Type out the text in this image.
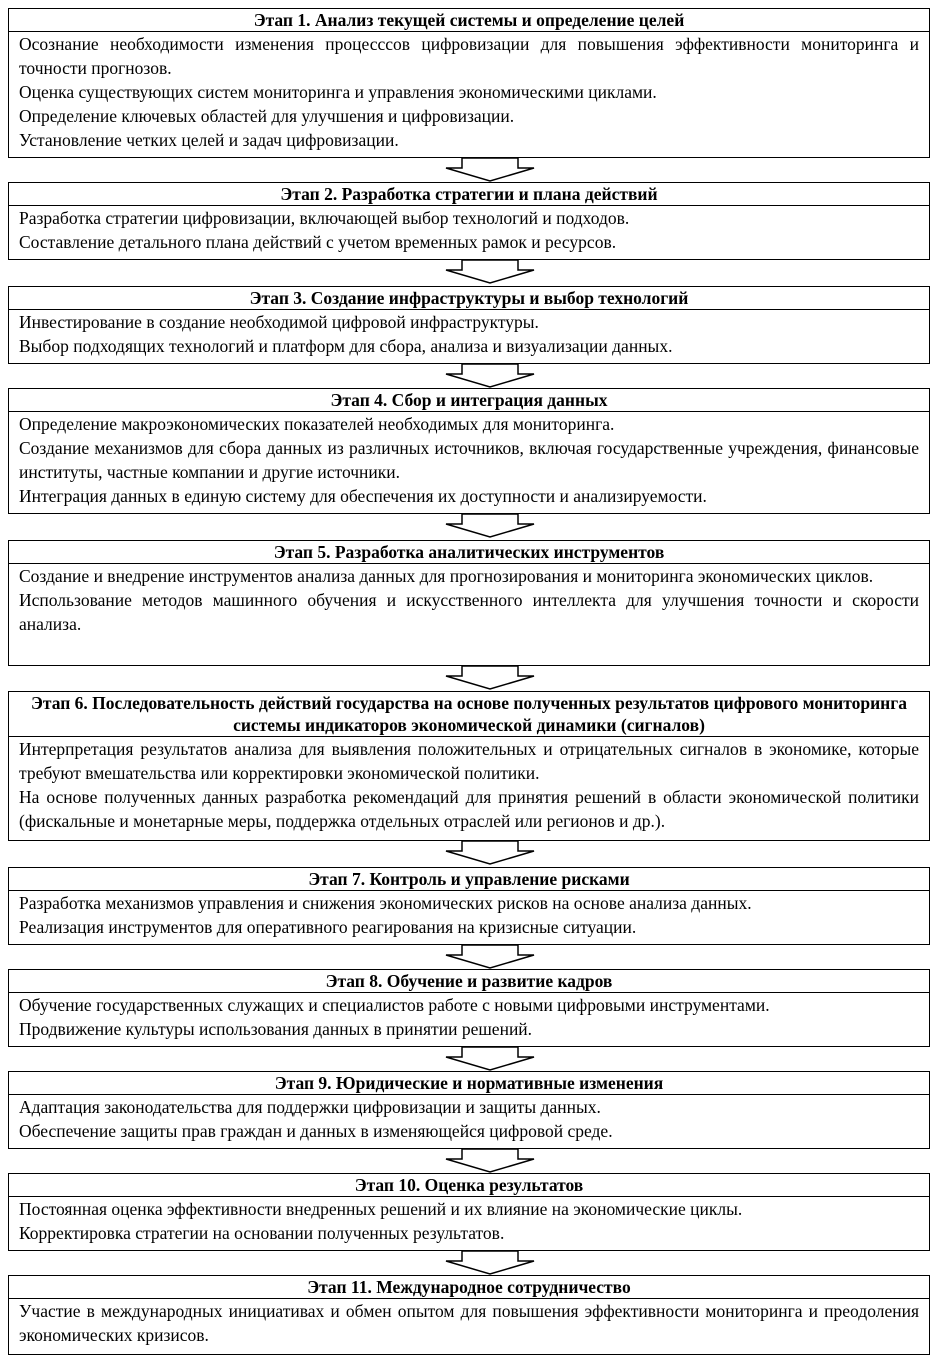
Этап 1. Анализ текущей системы и определение целей

Осознание необходимости изменения процесссов цифровизации для повышения эффективности мониторинга и точности прогнозов.

Оценка существующих систем мониторинга и управления экономическими циклами.

Определение ключевых областей для улучшения и цифровизации.

Установление четких целей и задач цифровизации.

Этап 2. Разработка стратегии и плана действий

Разработка стратегии цифровизации, включающей выбор технологий и подходов.

Составление детального плана действий с учетом временных рамок и ресурсов.

Этап 3. Создание инфраструктуры и выбор технологий

Инвестирование в создание необходимой цифровой инфраструктуры.

Выбор подходящих технологий и платформ для сбора, анализа и визуализации данных.

Этап 4. Сбор и интеграция данных

Определение макроэкономических показателей необходимых для мониторинга.

Создание механизмов для сбора данных из различных источников, включая государственные учреждения, финансовые институты, частные компании и другие источники.

Интеграция данных в единую систему для обеспечения их доступности и анализируемости.

Этап 5. Разработка аналитических инструментов

Создание и внедрение инструментов анализа данных для прогнозирования и мониторинга экономических циклов.

Использование методов машинного обучения и искусственного интеллекта для улучшения точности и скорости анализа.

Этап 6. Последовательность действий государства на основе полученных результатов цифрового мониторинга системы индикаторов экономической динамики (сигналов)

Интерпретация результатов анализа для выявления положительных и отрицательных сигналов в экономике, которые требуют вмешательства или корректировки экономической политики.

На основе полученных данных разработка рекомендаций для принятия решений в области экономической политики (фискальные и монетарные меры, поддержка отдельных отраслей или регионов и др.).

Этап 7. Контроль и управление рисками

Разработка механизмов управления и снижения экономических рисков на основе анализа данных.

Реализация инструментов для оперативного реагирования на кризисные ситуации.

Этап 8. Обучение и развитие кадров

Обучение государственных служащих и специалистов работе с новыми цифровыми инструментами.

Продвижение культуры использования данных в принятии решений.

Этап 9. Юридические и нормативные изменения

Адаптация законодательства для поддержки цифровизации и защиты данных.

Обеспечение защиты прав граждан и данных в изменяющейся цифровой среде.

Этап 10. Оценка результатов

Постоянная оценка эффективности внедренных решений и их влияние на экономические циклы.

Корректировка стратегии на основании полученных результатов.

Этап 11. Международное сотрудничество

Участие в международных инициативах и обмен опытом для повышения эффективности мониторинга и преодоления экономических кризисов.
